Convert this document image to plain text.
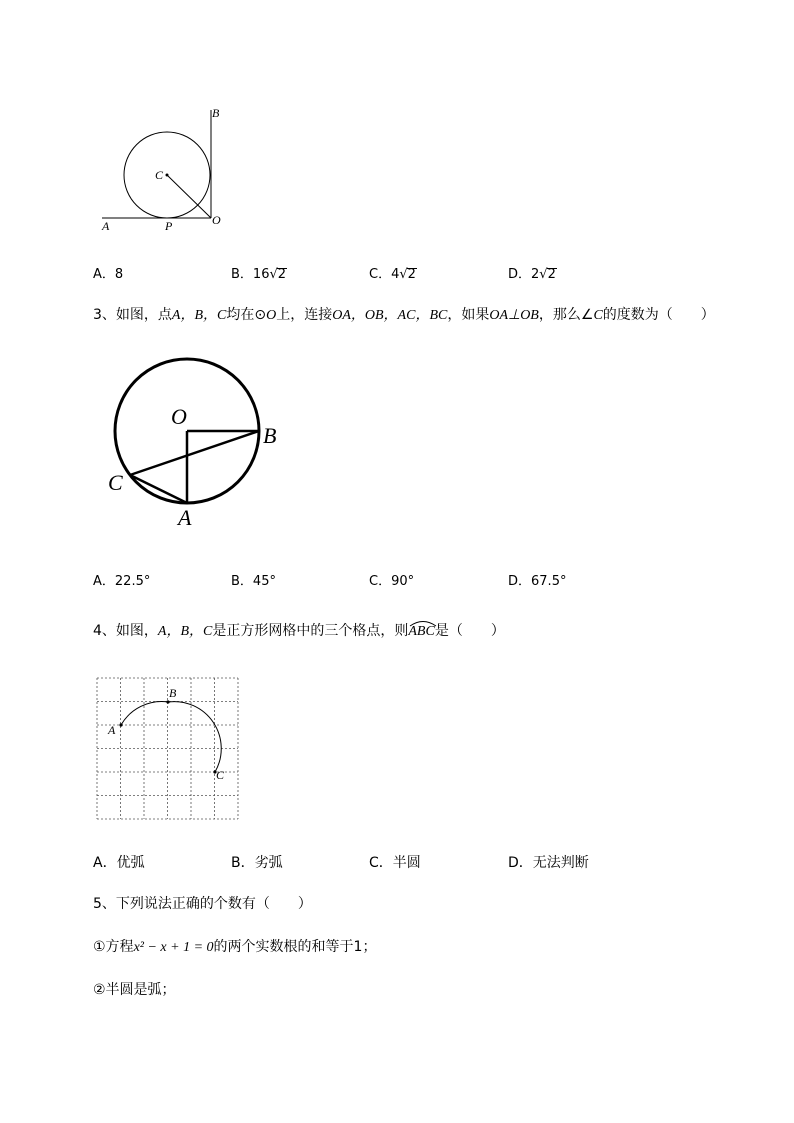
B
C
O
A	P
A．8	B．16√2	C．4√2	D．2√2
3、如图，点A，B，C均在⊙O上，连接OA，OB，AC，BC，如果OA⊥OB，那么∠C的度数为（　　）
O
B
C
A
A．22.5°	B．45°	C．90°	D．67.5°
4、如图，A，B，C是正方形网格中的三个格点，则
ABC是（　　）
A
B
C
A．优弧	B．劣弧	C．半圆	D．无法判断
5、下列说法正确的个数有（　　）
①方程x² − x + 1 = 0的两个实数根的和等于1；
②半圆是弧；
